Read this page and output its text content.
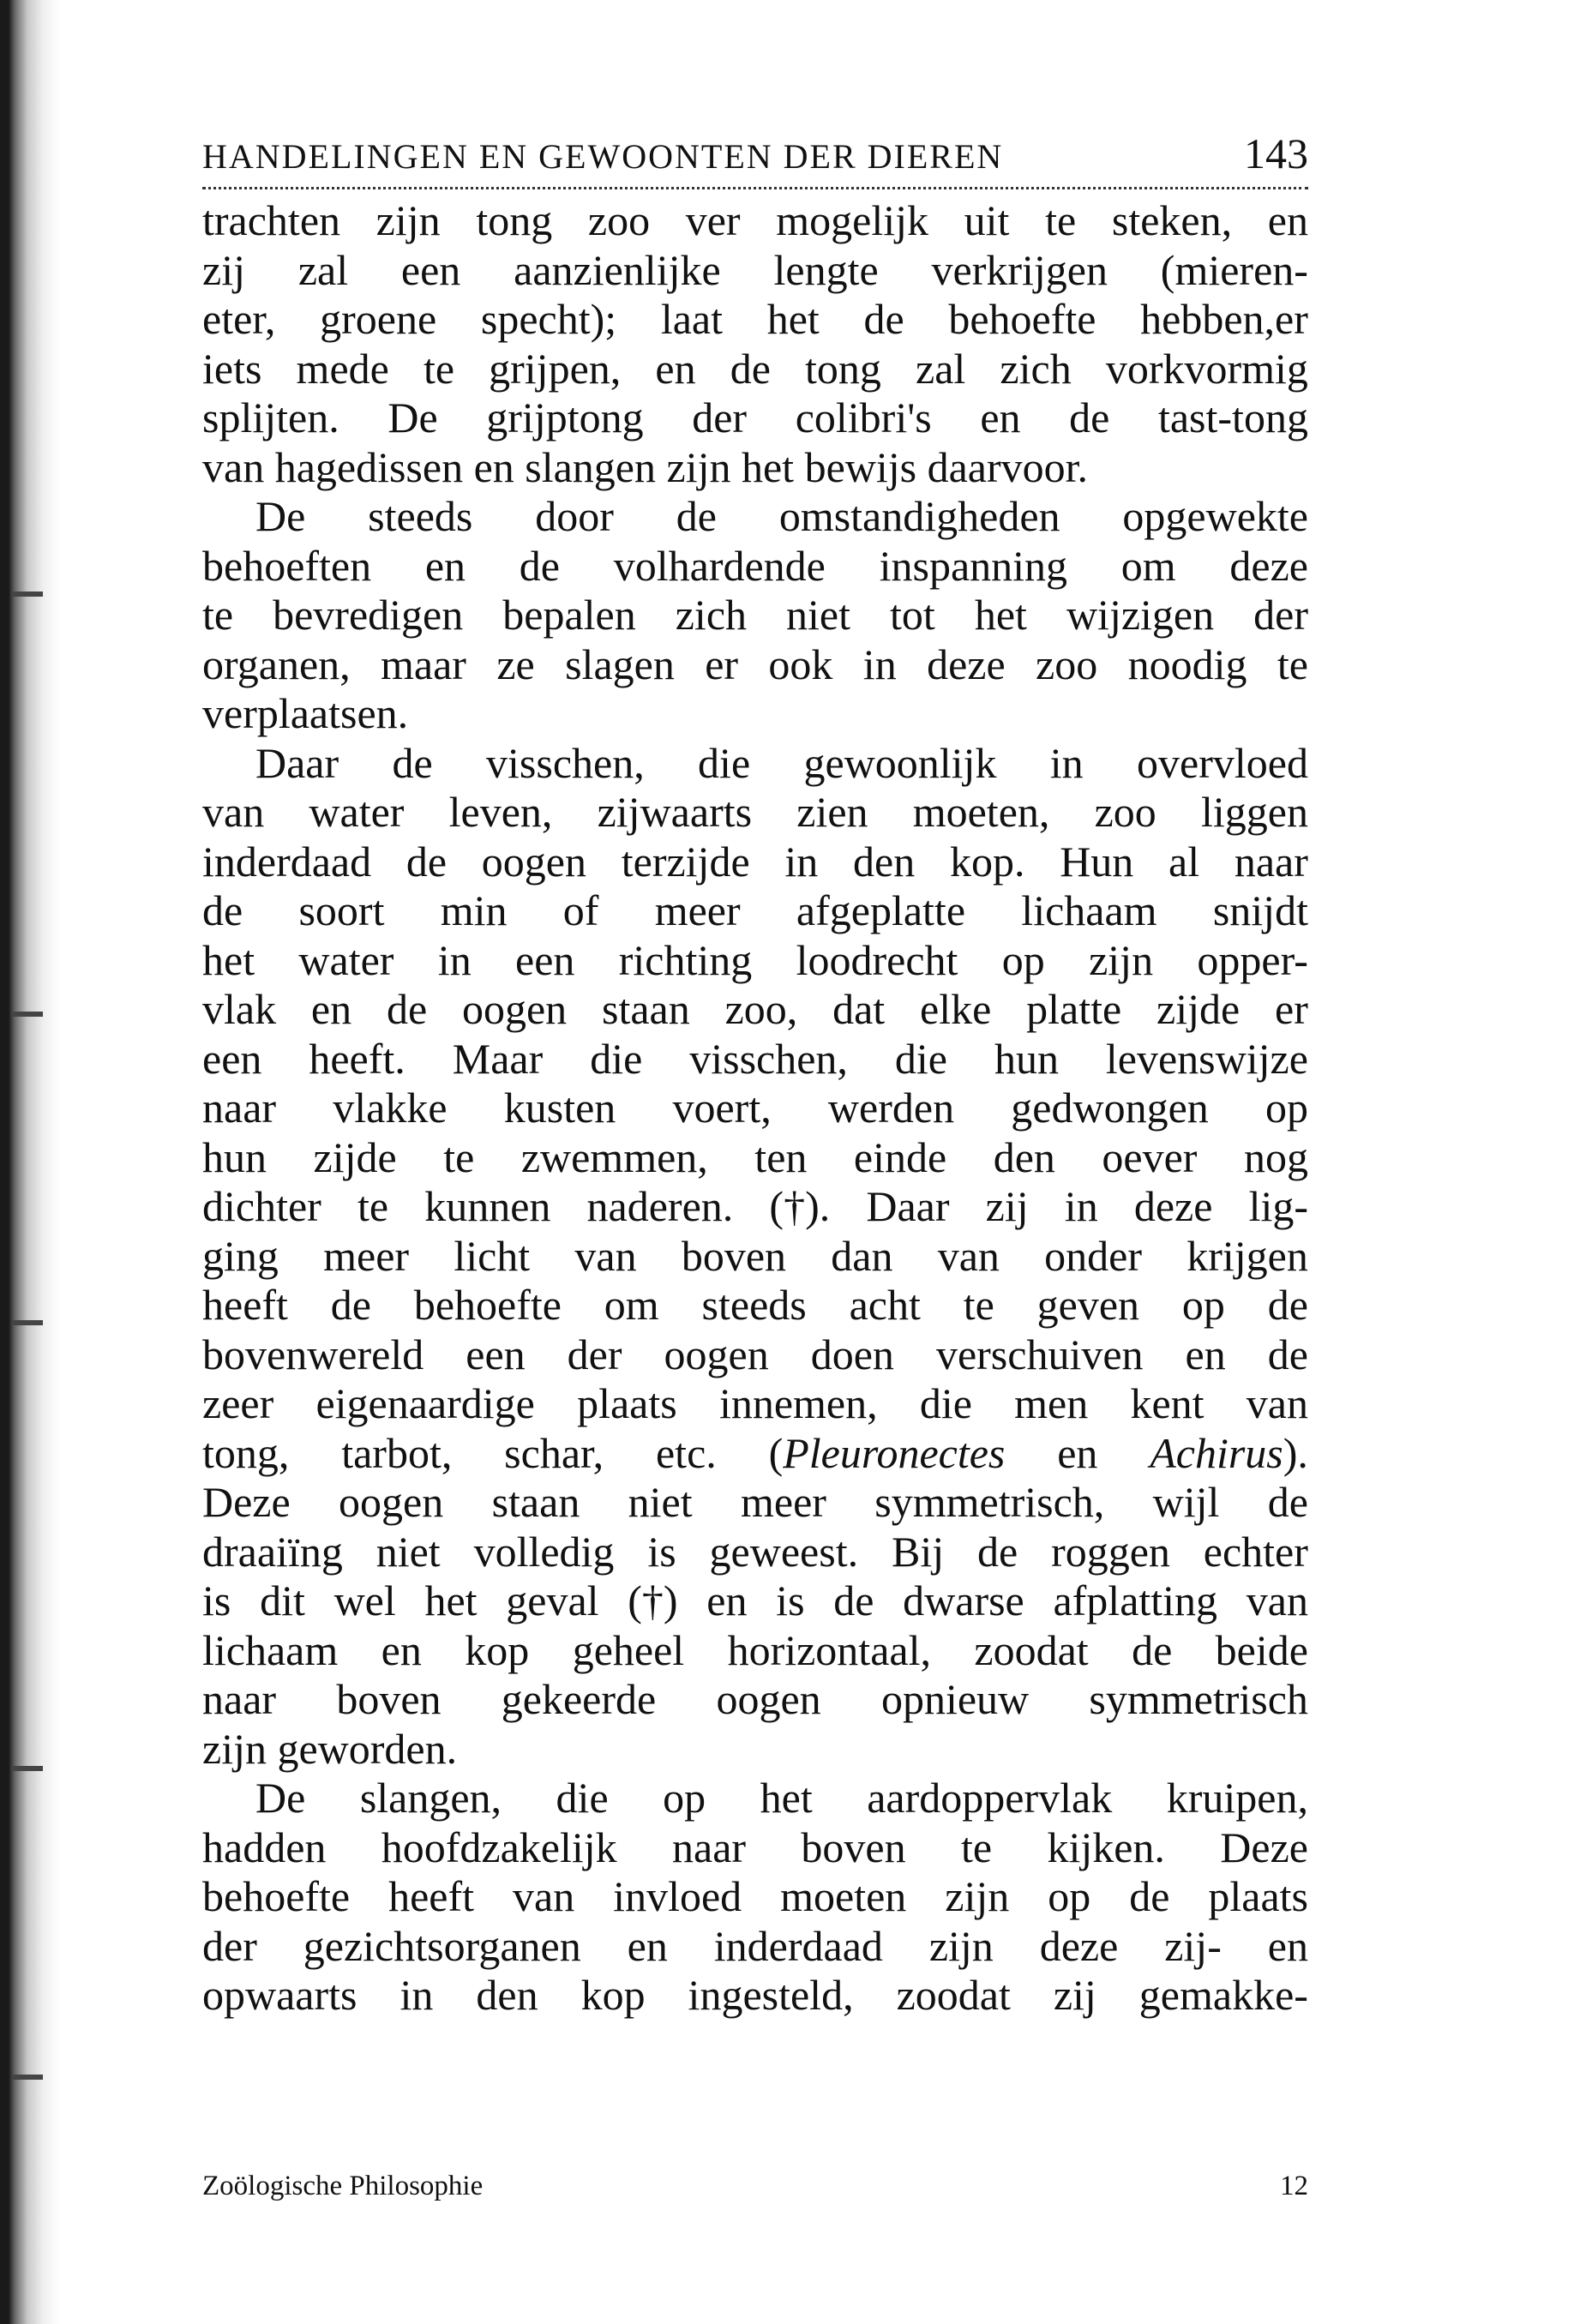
HANDELINGEN EN GEWOONTEN DER DIEREN	143
trachten zijn tong zoo ver mogelijk uit te steken, en
zij zal een aanzienlijke lengte verkrijgen (mieren-
eter, groene specht); laat het de behoefte hebben,er
iets mede te grijpen, en de tong zal zich vorkvormig
splijten. De grijptong der colibri's en de tast-tong
van hagedissen en slangen zijn het bewijs daarvoor.
De steeds door de omstandigheden opgewekte
behoeften en de volhardende inspanning om deze
te bevredigen bepalen zich niet tot het wijzigen der
organen, maar ze slagen er ook in deze zoo noodig te
verplaatsen.
Daar de visschen, die gewoonlijk in overvloed
van water leven, zijwaarts zien moeten, zoo liggen
inderdaad de oogen terzijde in den kop. Hun al naar
de soort min of meer afgeplatte lichaam snijdt
het water in een richting loodrecht op zijn opper-
vlak en de oogen staan zoo, dat elke platte zijde er
een heeft. Maar die visschen, die hun levenswijze
naar vlakke kusten voert, werden gedwongen op
hun zijde te zwemmen, ten einde den oever nog
dichter te kunnen naderen. (†). Daar zij in deze lig-
ging meer licht van boven dan van onder krijgen
heeft de behoefte om steeds acht te geven op de
bovenwereld een der oogen doen verschuiven en de
zeer eigenaardige plaats innemen, die men kent van
tong, tarbot, schar, etc. (Pleuronectes en Achirus).
Deze oogen staan niet meer symmetrisch, wijl de
draaiïng niet volledig is geweest. Bij de roggen echter
is dit wel het geval (†) en is de dwarse afplatting van
lichaam en kop geheel horizontaal, zoodat de beide
naar boven gekeerde oogen opnieuw symmetrisch
zijn geworden.
De slangen, die op het aardoppervlak kruipen,
hadden hoofdzakelijk naar boven te kijken. Deze
behoefte heeft van invloed moeten zijn op de plaats
der gezichtsorganen en inderdaad zijn deze zij- en
opwaarts in den kop ingesteld, zoodat zij gemakke-
Zoölogische Philosophie	12
